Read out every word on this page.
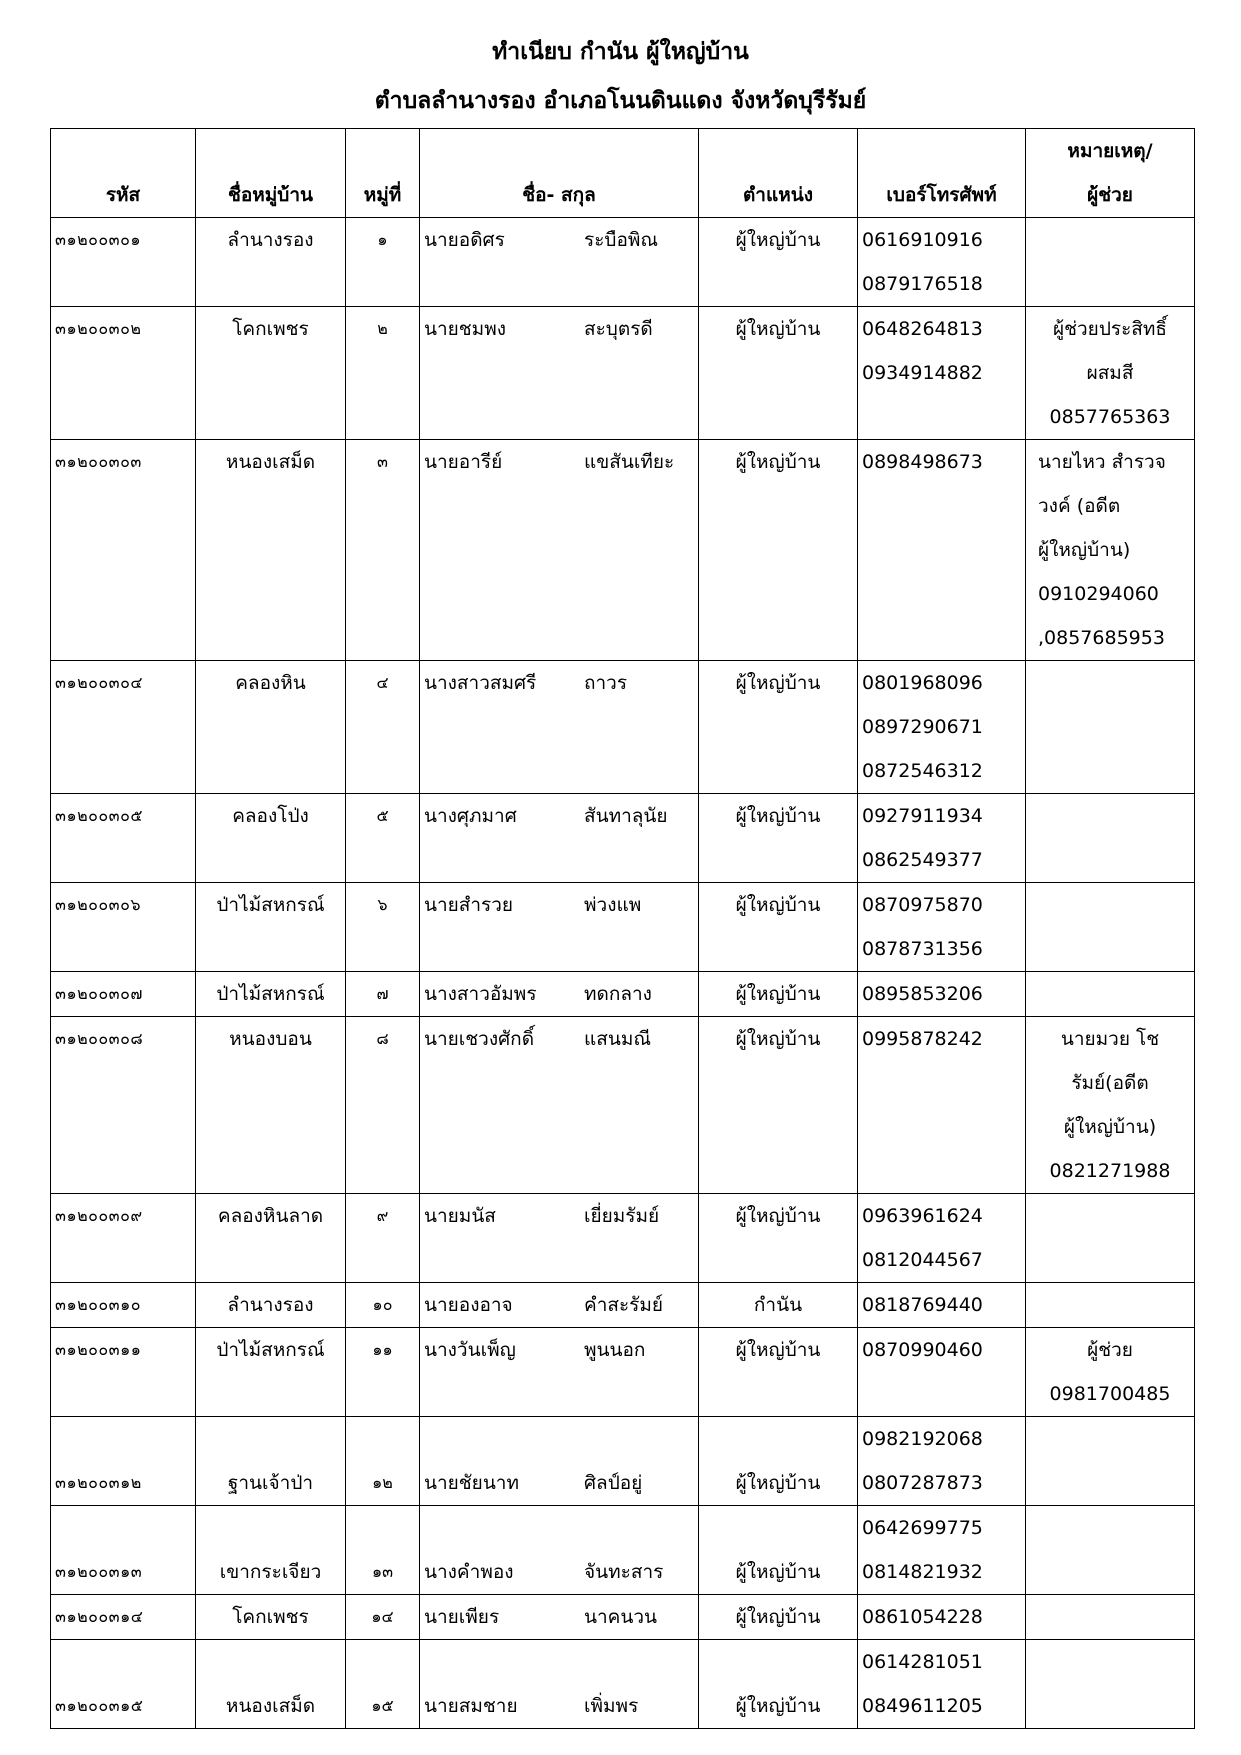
ทำเนียบ กำนัน ผู้ใหญ่บ้าน
ตำบลลำนางรอง อำเภอโนนดินแดง จังหวัดบุรีรัมย์
รหัส	ชื่อหมู่บ้าน	หมู่ที่	ชื่อ- สกุล	ตำแหน่ง	เบอร์โทรศัพท์	หมายเหตุ/
ผู้ช่วย

๓๑๒๐๐๓๐๑	ลำนางรอง	๑	นายอดิศร ระบือพิณ	ผู้ใหญ่บ้าน	0616910916
0879176518	

๓๑๒๐๐๓๐๒	โคกเพชร	๒	นายชมพง สะบุตรดี	ผู้ใหญ่บ้าน	0648264813
0934914882	ผู้ช่วยประสิทธิ์
ผสมสี
0857765363

๓๑๒๐๐๓๐๓	หนองเสม็ด	๓	นายอารีย์ แขสันเทียะ	ผู้ใหญ่บ้าน	0898498673	นายไหว สำรวจ
วงค์ (อดีต
ผู้ใหญ่บ้าน)
0910294060
,0857685953

๓๑๒๐๐๓๐๔	คลองหิน	๔	นางสาวสมศรี ถาวร	ผู้ใหญ่บ้าน	0801968096
0897290671
0872546312	

๓๑๒๐๐๓๐๕	คลองโป่ง	๕	นางศุภมาศ สันทาลุนัย	ผู้ใหญ่บ้าน	0927911934
0862549377	

๓๑๒๐๐๓๐๖	ป่าไม้สหกรณ์	๖	นายสำรวย พ่วงแพ	ผู้ใหญ่บ้าน	0870975870
0878731356	

๓๑๒๐๐๓๐๗	ป่าไม้สหกรณ์	๗	นางสาวอัมพร ทดกลาง	ผู้ใหญ่บ้าน	0895853206	

๓๑๒๐๐๓๐๘	หนองบอน	๘	นายเชวงศักดิ์ แสนมณี	ผู้ใหญ่บ้าน	0995878242	นายมวย โช
รัมย์(อดีต
ผู้ใหญ่บ้าน)
0821271988

๓๑๒๐๐๓๐๙	คลองหินลาด	๙	นายมนัส เยี่ยมรัมย์	ผู้ใหญ่บ้าน	0963961624
0812044567	

๓๑๒๐๐๓๑๐	ลำนางรอง	๑๐	นายองอาจ คำสะรัมย์	กำนัน	0818769440	

๓๑๒๐๐๓๑๑	ป่าไม้สหกรณ์	๑๑	นางวันเพ็ญ พูนนอก	ผู้ใหญ่บ้าน	0870990460	ผู้ช่วย
0981700485

๓๑๒๐๐๓๑๒	ฐานเจ้าป่า	๑๒	นายชัยนาท ศิลป์อยู่	ผู้ใหญ่บ้าน	0982192068
0807287873	

๓๑๒๐๐๓๑๓	เขากระเจียว	๑๓	นางคำพอง จันทะสาร	ผู้ใหญ่บ้าน	0642699775
0814821932	

๓๑๒๐๐๓๑๔	โคกเพชร	๑๔	นายเพียร นาคนวน	ผู้ใหญ่บ้าน	0861054228	

๓๑๒๐๐๓๑๕	หนองเสม็ด	๑๕	นายสมชาย เพิ่มพร	ผู้ใหญ่บ้าน	0614281051
0849611205	
